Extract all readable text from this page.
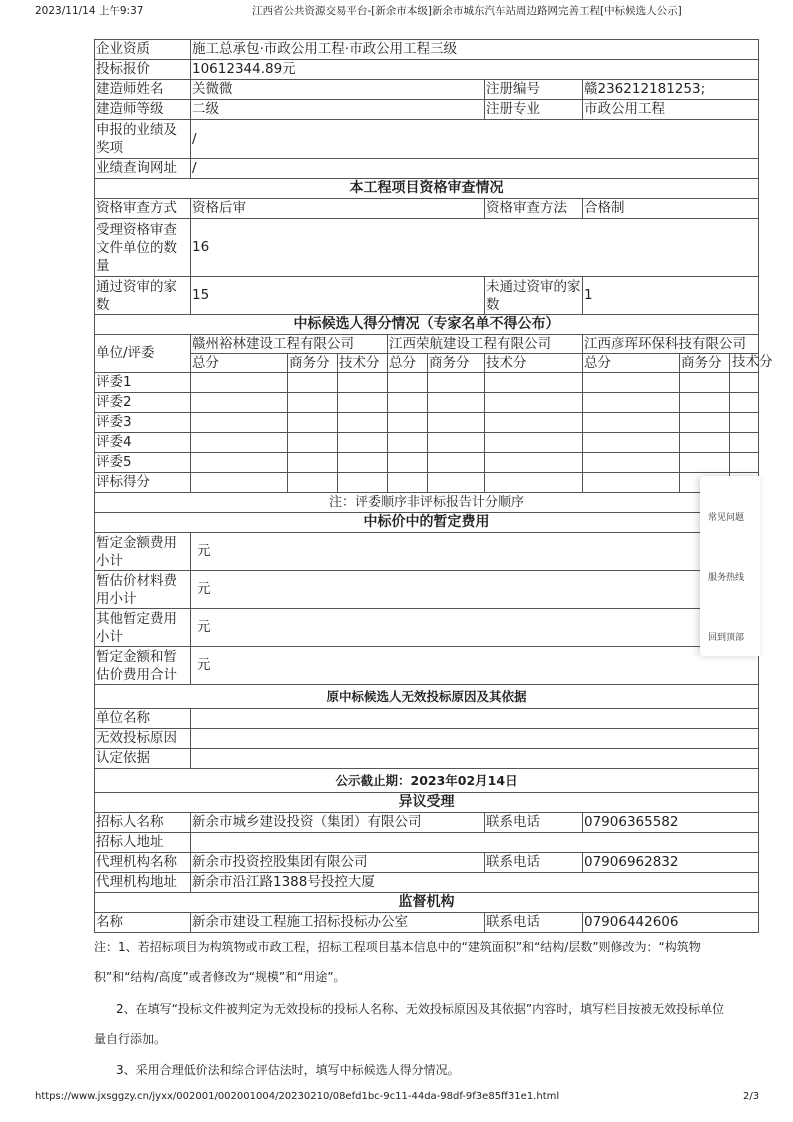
2023/11/14 上午9:37	江西省公共资源交易平台-[新余市本级]新余市城东汽车站周边路网完善工程[中标候选人公示]
企业资质	施工总承包·市政公用工程·市政公用工程三级							
投标报价	10612344.89元							
建造师姓名	关微微					注册编号	赣236212181253;	
建造师等级	二级					注册专业	市政公用工程	
申报的业绩及奖项	/							
业绩查询网址	/							
本工程项目资格审查情况								
资格审查方式	资格后审					资格审查方法	合格制	
受理资格审查文件单位的数量	16							
通过资审的家数	15					未通过资审的家数	1	
中标候选人得分情况（专家名单不得公布）								
单位/评委	赣州裕林建设工程有限公司			江西荣航建设工程有限公司			江西彦珲环保科技有限公司	
	总分	商务分	技术分	总分	商务分	技术分	总分	商务分 技术分

评委1							

评委2							

评委3							

评委4							

评委5							

评标得分							

注：评委顺序非评标报告计分顺序								
中标价中的暂定费用								
暂定金额费用小计	元							
暂估价材料费用小计	元							
其他暂定费用小计	元							
暂定金额和暂估价费用合计	元							
原中标候选人无效投标原因及其依据								
单位名称								
无效投标原因								
认定依据								
公示截止期：2023年02月14日								
异议受理								
招标人名称	新余市城乡建设投资（集团）有限公司					联系电话	07906365582	
招标人地址								
代理机构名称	新余市投资控股集团有限公司					联系电话	07906962832	
代理机构地址	新余市沿江路1388号投控大厦							
监督机构								
名称	新余市建设工程施工招标投标办公室					联系电话	07906442606	
注：1、若招标项目为构筑物或市政工程，招标工程项目基本信息中的“建筑面积”和“结构/层数”则修改为：“构筑物
积”和“结构/高度”或者修改为“规模”和“用途”。
2、在填写“投标文件被判定为无效投标的投标人名称、无效投标原因及其依据”内容时，填写栏目按被无效投标单位
量自行添加。
3、采用合理低价法和综合评估法时，填写中标候选人得分情况。
常见问题
服务热线
回到顶部
https://www.jxsggzy.cn/jyxx/002001/002001004/20230210/08efd1bc-9c11-44da-98df-9f3e85ff31e1.html	2/3
